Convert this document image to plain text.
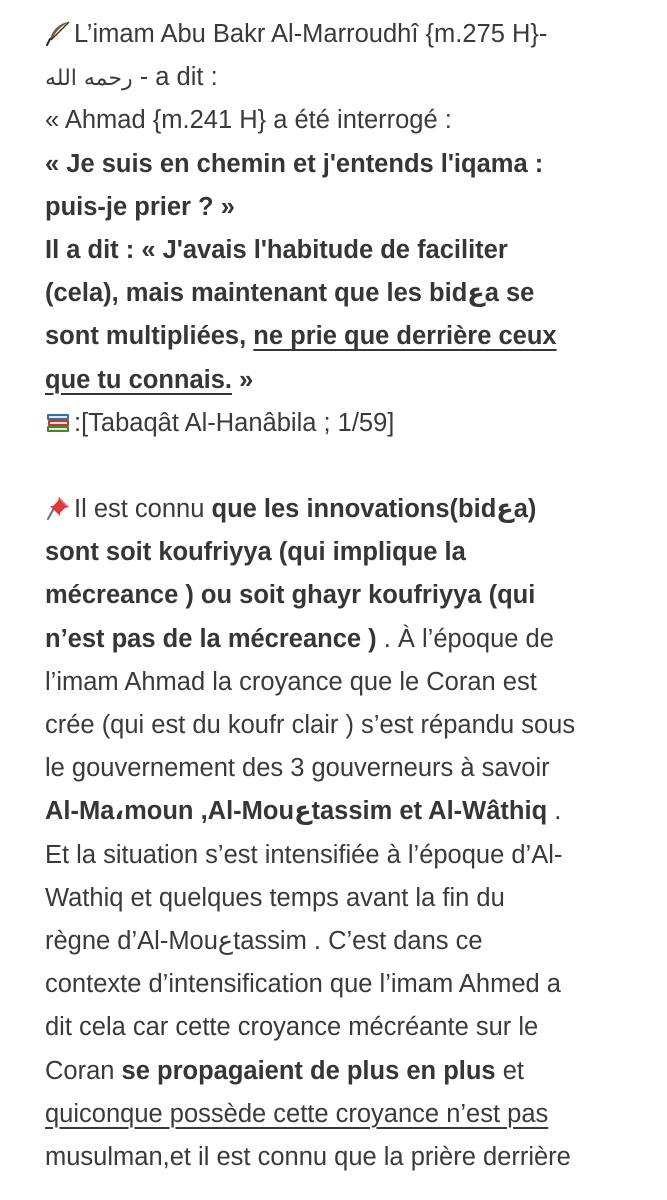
L’imam Abu Bakr Al-Marroudhî {m.275 H}-
رحمه الله - a dit :
« Ahmad {m.241 H} a été interrogé :
« Je suis en chemin et j'entends l'iqama :
puis-je prier ? »
Il a dit : « J'avais l'habitude de faciliter
(cela), mais maintenant que les bidعa se
sont multipliées, ne prie que derrière ceux
que tu connais. »
:[Tabaqât Al-Hanâbila ; 1/59]
Il est connu que les innovations(bidعa)
sont soit koufriyya (qui implique la
mécreance ) ou soit ghayr koufriyya (qui
n’est pas de la mécreance ) . À l’époque de
l’imam Ahmad la croyance que le Coran est
crée (qui est du koufr clair ) s’est répandu sous
le gouvernement des 3 gouverneurs à savoir
Al-Ma،moun ,Al-Mouعtassim et Al-Wâthiq .
Et la situation s’est intensifiée à l’époque d’Al-
Wathiq et quelques temps avant la fin du
règne d’Al-Mouعtassim . C’est dans ce
contexte d’intensification que l’imam Ahmed a
dit cela car cette croyance mécréante sur le
Coran se propagaient de plus en plus et
quiconque possède cette croyance n’est pas
musulman,et il est connu que la prière derrière
